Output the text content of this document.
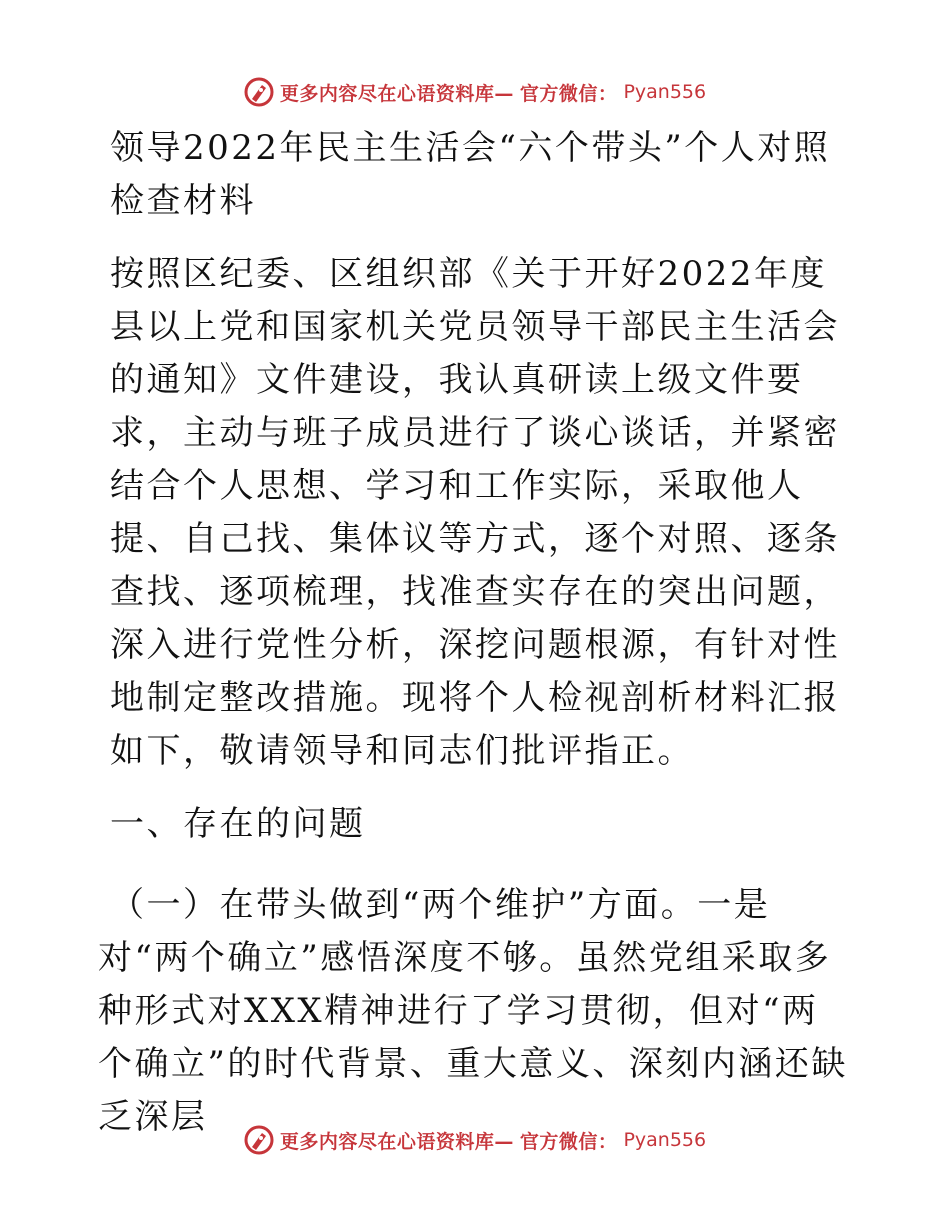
更多内容尽在心语资料库— 官方微信： Pyan556

领导2022年民主生活会“六个带头”个人对照检查材料

按照区纪委、区组织部《关于开好2022年度县以上党和国家机关党员领导干部民主生活会的通知》文件建设，我认真研读上级文件要求，主动与班子成员进行了谈心谈话，并紧密结合个人思想、学习和工作实际，采取他人提、自己找、集体议等方式，逐个对照、逐条查找、逐项梳理，找准查实存在的突出问题，深入进行党性分析，深挖问题根源，有针对性地制定整改措施。现将个人检视剖析材料汇报如下，敬请领导和同志们批评指正。

一、存在的问题

（一）在带头做到“两个维护”方面。一是

对“两个确立”感悟深度不够。虽然党组采取多种形式对XXX精神进行了学习贯彻，但对“两个确立”的时代背景、重大意义、深刻内涵还缺乏深层

更多内容尽在心语资料库— 官方微信： Pyan556
